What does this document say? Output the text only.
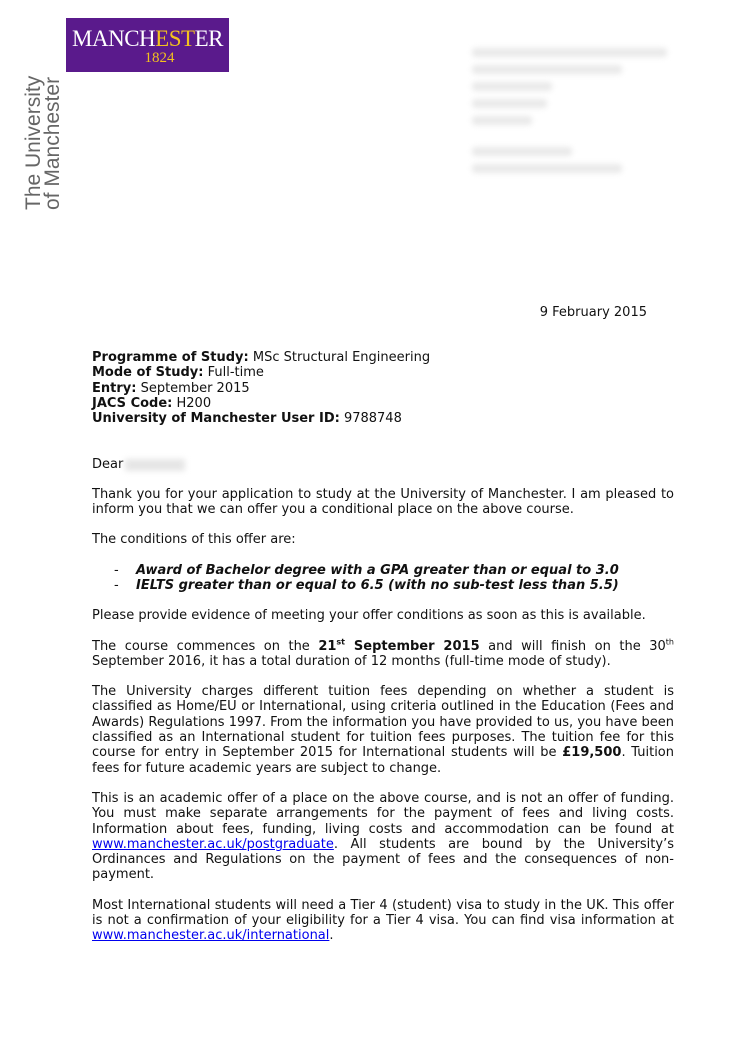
MANCHESTER
1824
The University
of Manchester
9 February 2015
Programme of Study: MSc Structural Engineering
Mode of Study: Full-time
Entry: September 2015
JACS Code: H200
University of Manchester User ID: 9788748

Dear

Thank you for your application to study at the University of Manchester. I am pleased to inform you that we can offer you a conditional place on the above course.

The conditions of this offer are:

- Award of Bachelor degree with a GPA greater than or equal to 3.0
- IELTS greater than or equal to 6.5 (with no sub-test less than 5.5)

Please provide evidence of meeting your offer conditions as soon as this is available.

The course commences on the 21st September 2015 and will finish on the 30th September 2016, it has a total duration of 12 months (full-time mode of study).

The University charges different tuition fees depending on whether a student is classified as Home/EU or International, using criteria outlined in the Education (Fees and Awards) Regulations 1997. From the information you have provided to us, you have been classified as an International student for tuition fees purposes. The tuition fee for this course for entry in September 2015 for International students will be £19,500. Tuition fees for future academic years are subject to change.

This is an academic offer of a place on the above course, and is not an offer of funding. You must make separate arrangements for the payment of fees and living costs. Information about fees, funding, living costs and accommodation can be found at www.manchester.ac.uk/postgraduate. All students are bound by the University’s Ordinances and Regulations on the payment of fees and the consequences of non-payment.

Most International students will need a Tier 4 (student) visa to study in the UK. This offer is not a confirmation of your eligibility for a Tier 4 visa. You can find visa information at www.manchester.ac.uk/international.
